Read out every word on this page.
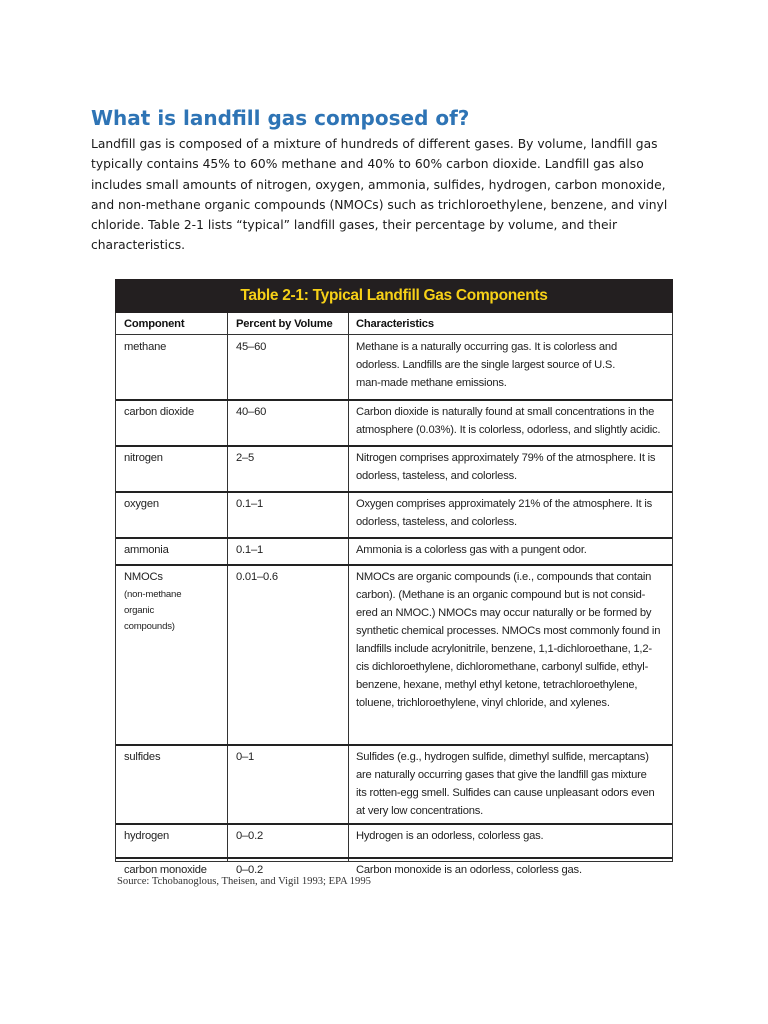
What is landfill gas composed of?
Landfill gas is composed of a mixture of hundreds of different gases. By volume, landfill gas
typically contains 45% to 60% methane and 40% to 60% carbon dioxide. Landfill gas also
includes small amounts of nitrogen, oxygen, ammonia, sulfides, hydrogen, carbon monoxide,
and non-methane organic compounds (NMOCs) such as trichloroethylene, benzene, and vinyl
chloride. Table 2-1 lists “typical” landfill gases, their percentage by volume, and their
characteristics.
Table 2-1: Typical Landfill Gas Components
Component	Percent by Volume Characteristics
methane	45–60	Methane is a naturally occurring gas. It is colorless and
odorless. Landfills are the single largest source of U.S.
man-made methane emissions.
carbon dioxide	40–60	Carbon dioxide is naturally found at small concentrations in the
atmosphere (0.03%). It is colorless, odorless, and slightly acidic.
nitrogen	2–5	Nitrogen comprises approximately 79% of the atmosphere. It is
odorless, tasteless, and colorless.
oxygen	0.1–1	Oxygen comprises approximately 21% of the atmosphere. It is
odorless, tasteless, and colorless.
ammonia	0.1–1	Ammonia is a colorless gas with a pungent odor.
NMOCs
(non-methane
organic
compounds)
0.01–0.6	NMOCs are organic compounds (i.e., compounds that contain
carbon). (Methane is an organic compound but is not consid-
ered an NMOC.) NMOCs may occur naturally or be formed by
synthetic chemical processes. NMOCs most commonly found in
landfills include acrylonitrile, benzene, 1,1-dichloroethane, 1,2-
cis dichloroethylene, dichloromethane, carbonyl sulfide, ethyl-
benzene, hexane, methyl ethyl ketone, tetrachloroethylene,
toluene, trichloroethylene, vinyl chloride, and xylenes.
sulfides	0–1	Sulfides (e.g., hydrogen sulfide, dimethyl sulfide, mercaptans)
are naturally occurring gases that give the landfill gas mixture
its rotten-egg smell. Sulfides can cause unpleasant odors even
at very low concentrations.
hydrogen	0–0.2	Hydrogen is an odorless, colorless gas.
carbon monoxide	0–0.2	Carbon monoxide is an odorless, colorless gas.
Source: Tchobanoglous, Theisen, and Vigil 1993; EPA 1995
